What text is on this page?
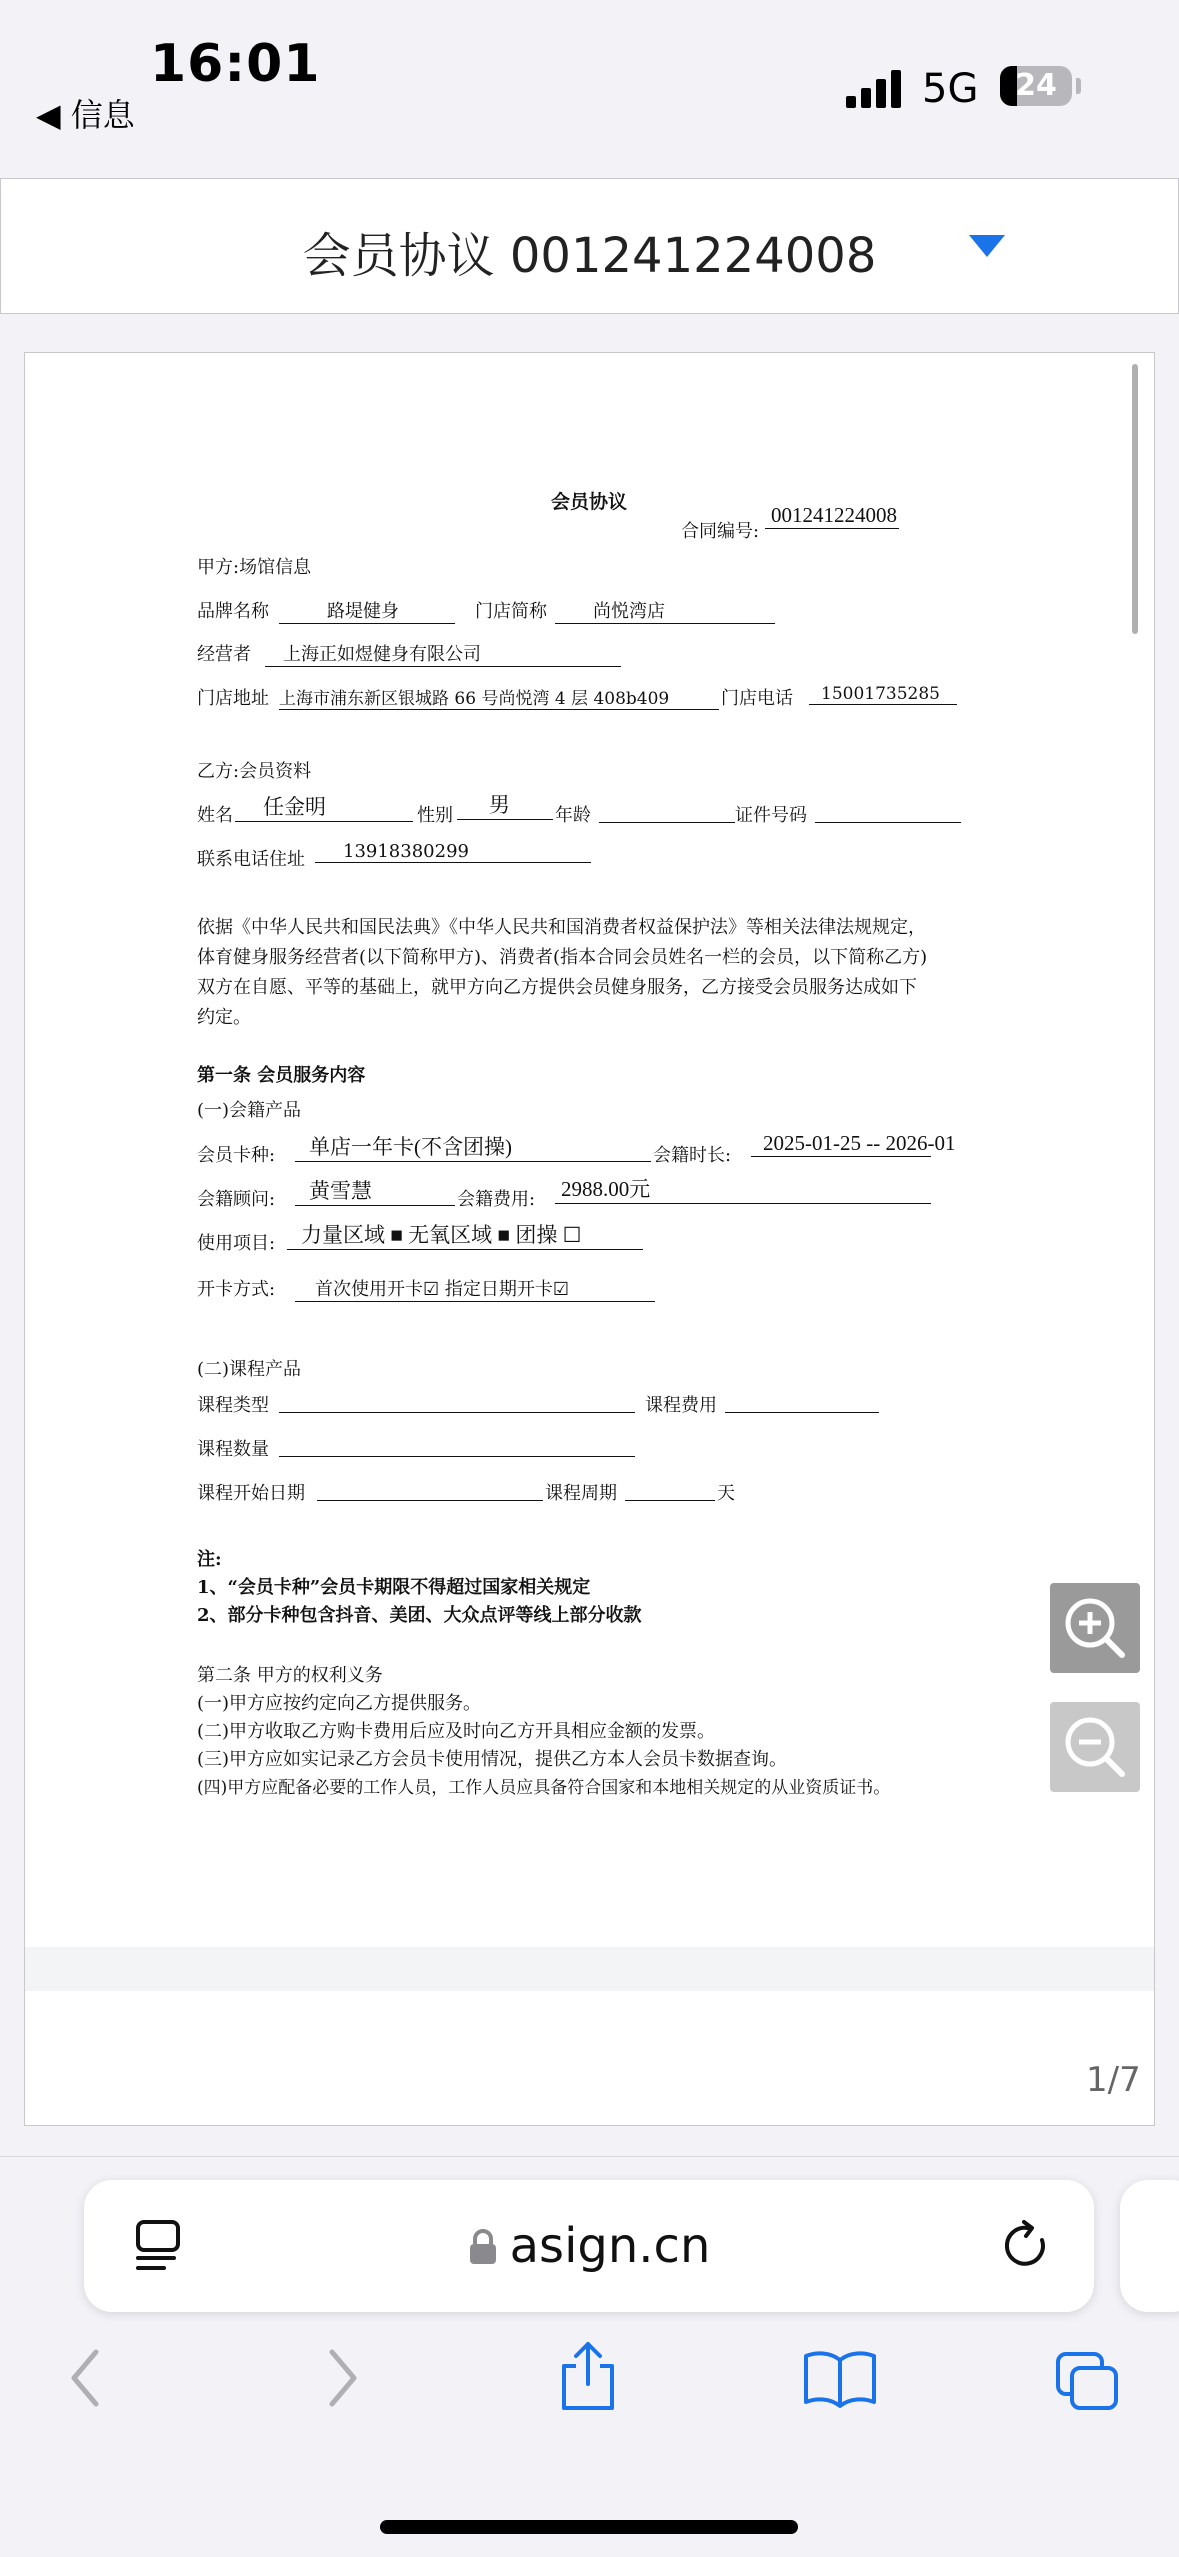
16:01
◀ 信息
5G	24
会员协议 001241224008
会员协议
合同编号:
001241224008
甲方:场馆信息
品牌名称	路堤健身	门店简称	尚悦湾店
经营者	上海正如煜健身有限公司
门店地址 上海市浦东新区银城路 66 号尚悦湾 4 层 408b409	门店电话	15001735285
乙方:会员资料
姓名	任金明	性别	男	年龄	证件号码
联系电话住址	13918380299
依据《中华人民共和国民法典》《中华人民共和国消费者权益保护法》等相关法律法规规定，
体育健身服务经营者(以下简称甲方)、消费者(指本合同会员姓名一栏的会员，以下简称乙方)
双方在自愿、平等的基础上，就甲方向乙方提供会员健身服务，乙方接受会员服务达成如下
约定。
第一条 会员服务内容
(一)会籍产品
会员卡种:	单店一年卡(不含团操)	会籍时长:
2025-01-25 -- 2026-01
会籍顾问:	黄雪慧	会籍费用: 2988.00元
使用项目:	力量区域 ■ 无氧区域 ■ 团操 ☐
开卡方式:	首次使用开卡☑ 指定日期开卡☑
(二)课程产品
课程类型	课程费用
课程数量
课程开始日期	课程周期	天
注:
1、“会员卡种”会员卡期限不得超过国家相关规定
2、部分卡种包含抖音、美团、大众点评等线上部分收款
第二条 甲方的权利义务
(一)甲方应按约定向乙方提供服务。
(二)甲方收取乙方购卡费用后应及时向乙方开具相应金额的发票。
(三)甲方应如实记录乙方会员卡使用情况，提供乙方本人会员卡数据查询。
(四)甲方应配备必要的工作人员，工作人员应具备符合国家和本地相关规定的从业资质证书。
1/7
asign.cn
